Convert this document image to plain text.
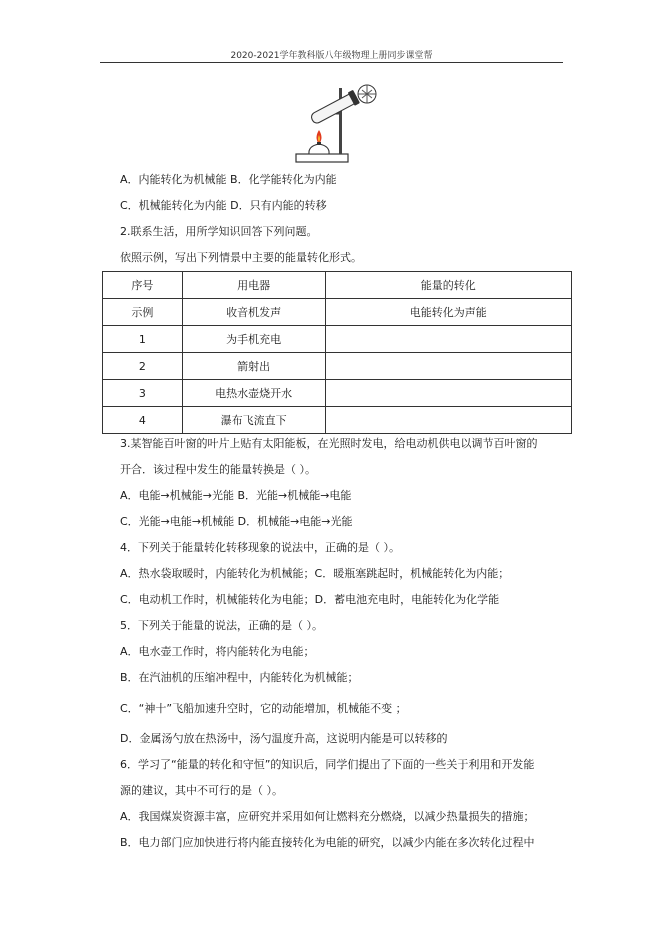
2020-2021学年教科版八年级物理上册同步课堂帮
A．内能转化为机械能 B．化学能转化为内能
C．机械能转化为内能 D．只有内能的转移
2.联系生活，用所学知识回答下列问题。
依照示例，写出下列情景中主要的能量转化形式。
序号	用电器	能量的转化
示例	收音机发声	电能转化为声能
1	为手机充电	
2	箭射出	
3	电热水壶烧开水	
4	瀑布飞流直下	
3.某智能百叶窗的叶片上贴有太阳能板，在光照时发电，给电动机供电以调节百叶窗的
开合．该过程中发生的能量转换是（ ）。
A．电能→机械能→光能 B．光能→机械能→电能
C．光能→电能→机械能 D．机械能→电能→光能
4．下列关于能量转化转移现象的说法中，正确的是（ ）。
A．热水袋取暖时，内能转化为机械能；C．暖瓶塞跳起时，机械能转化为内能；
C．电动机工作时，机械能转化为电能；D．蓄电池充电时，电能转化为化学能
5．下列关于能量的说法，正确的是（ ）。
A．电水壶工作时，将内能转化为电能；
B．在汽油机的压缩冲程中，内能转化为机械能；
C．“神十”飞船加速升空时，它的动能增加，机械能不变 ；
D．金属汤勺放在热汤中，汤勺温度升高，这说明内能是可以转移的
6．学习了“能量的转化和守恒”的知识后，同学们提出了下面的一些关于利用和开发能
源的建议，其中不可行的是（ ）。
A．我国煤炭资源丰富，应研究并采用如何让燃料充分燃烧，以减少热量损失的措施；
B．电力部门应加快进行将内能直接转化为电能的研究，以减少内能在多次转化过程中
